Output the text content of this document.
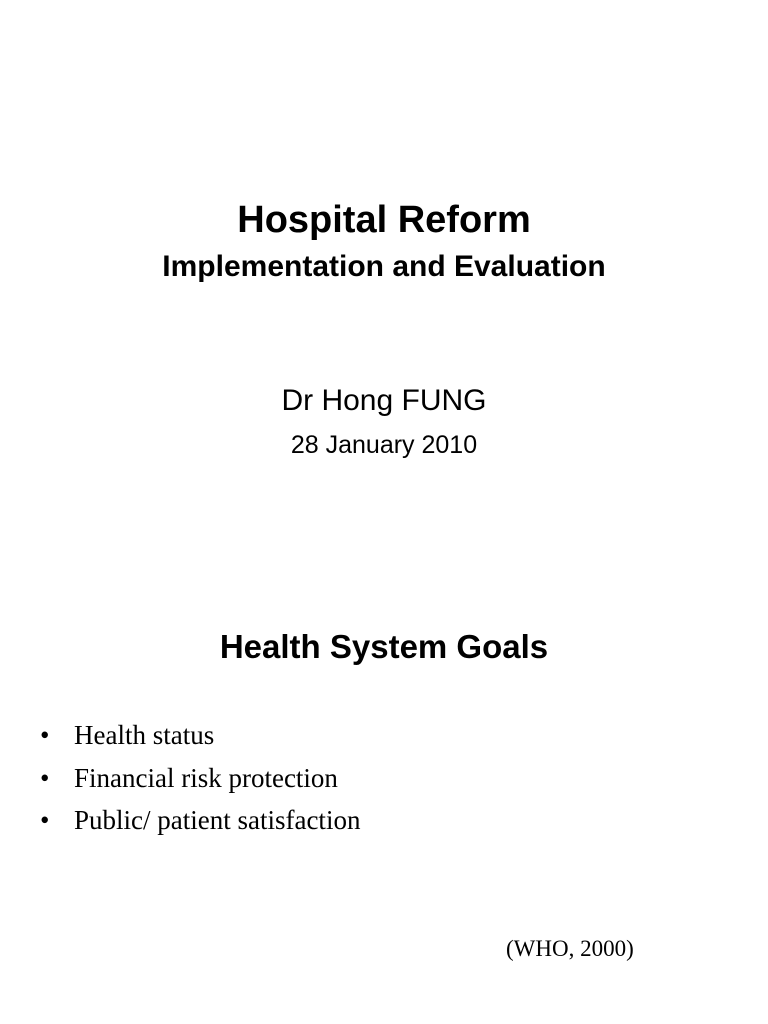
Hospital Reform
Implementation and Evaluation
Dr Hong FUNG
28 January 2010
Health System Goals
• Health status
• Financial risk protection
• Public/ patient satisfaction
(WHO, 2000)
